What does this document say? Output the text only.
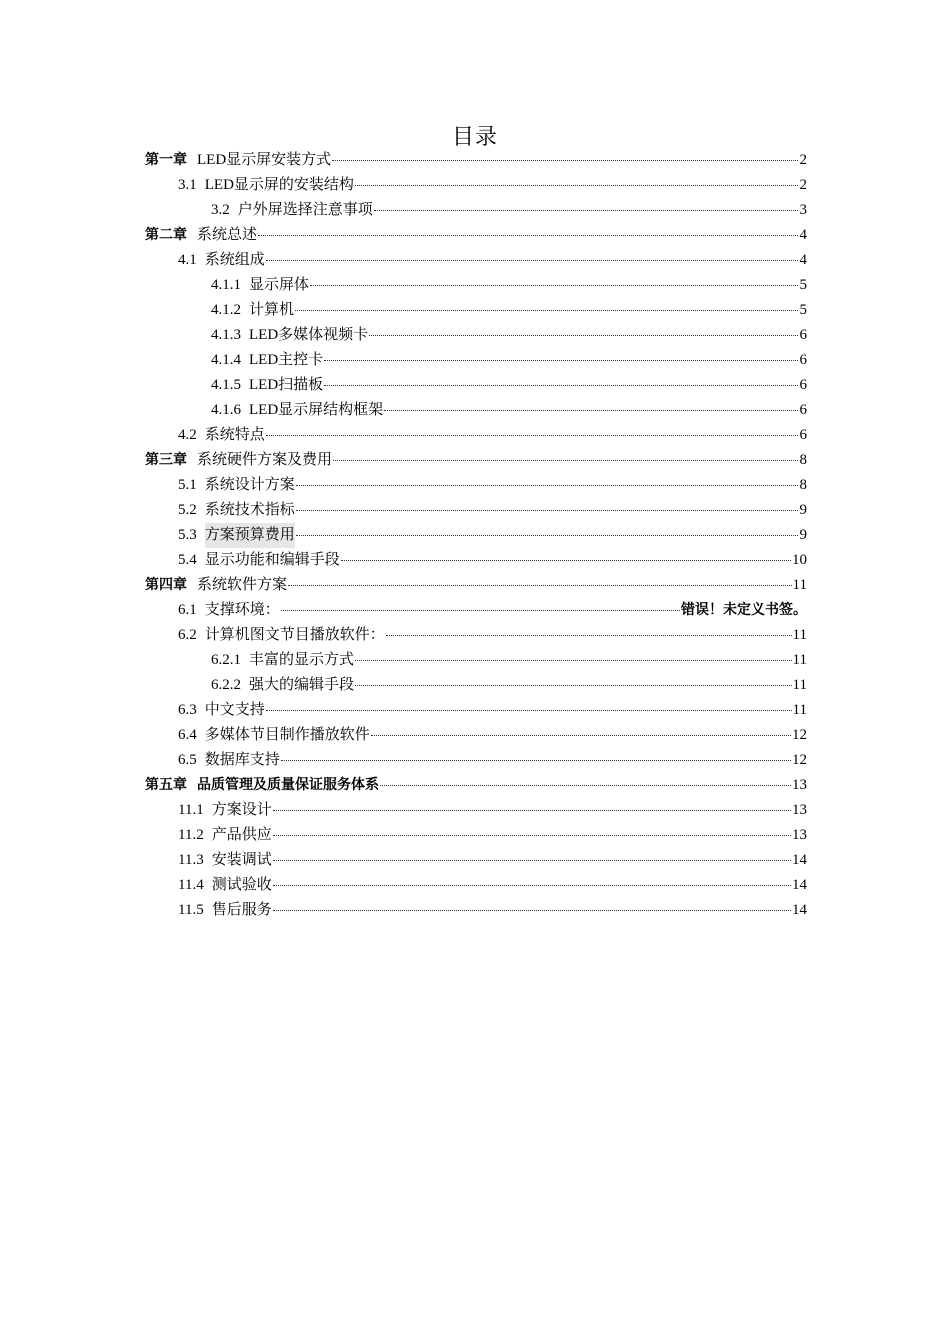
目录
第一章 LED显示屏安装方式	2
3.1 LED显示屏的安装结构	2
3.2 户外屏选择注意事项	3
第二章 系统总述	4
4.1 系统组成	4
4.1.1 显示屏体	5
4.1.2 计算机	5
4.1.3 LED多媒体视频卡	6
4.1.4 LED主控卡	6
4.1.5 LED扫描板	6
4.1.6 LED显示屏结构框架	6
4.2 系统特点	6
第三章 系统硬件方案及费用	8
5.1 系统设计方案	8
5.2 系统技术指标	9
5.3 方案预算费用	9
5.4 显示功能和编辑手段	10
第四章 系统软件方案	11
6.1 支撑环境：	错误！未定义书签。
6.2 计算机图文节目播放软件：	11
6.2.1 丰富的显示方式	11
6.2.2 强大的编辑手段	11
6.3 中文支持	11
6.4 多媒体节目制作播放软件	12
6.5 数据库支持	12
第五章 品质管理及质量保证服务体系	13
11.1 方案设计	13
11.2 产品供应	13
11.3 安装调试	14
11.4 测试验收	14
11.5 售后服务	14
